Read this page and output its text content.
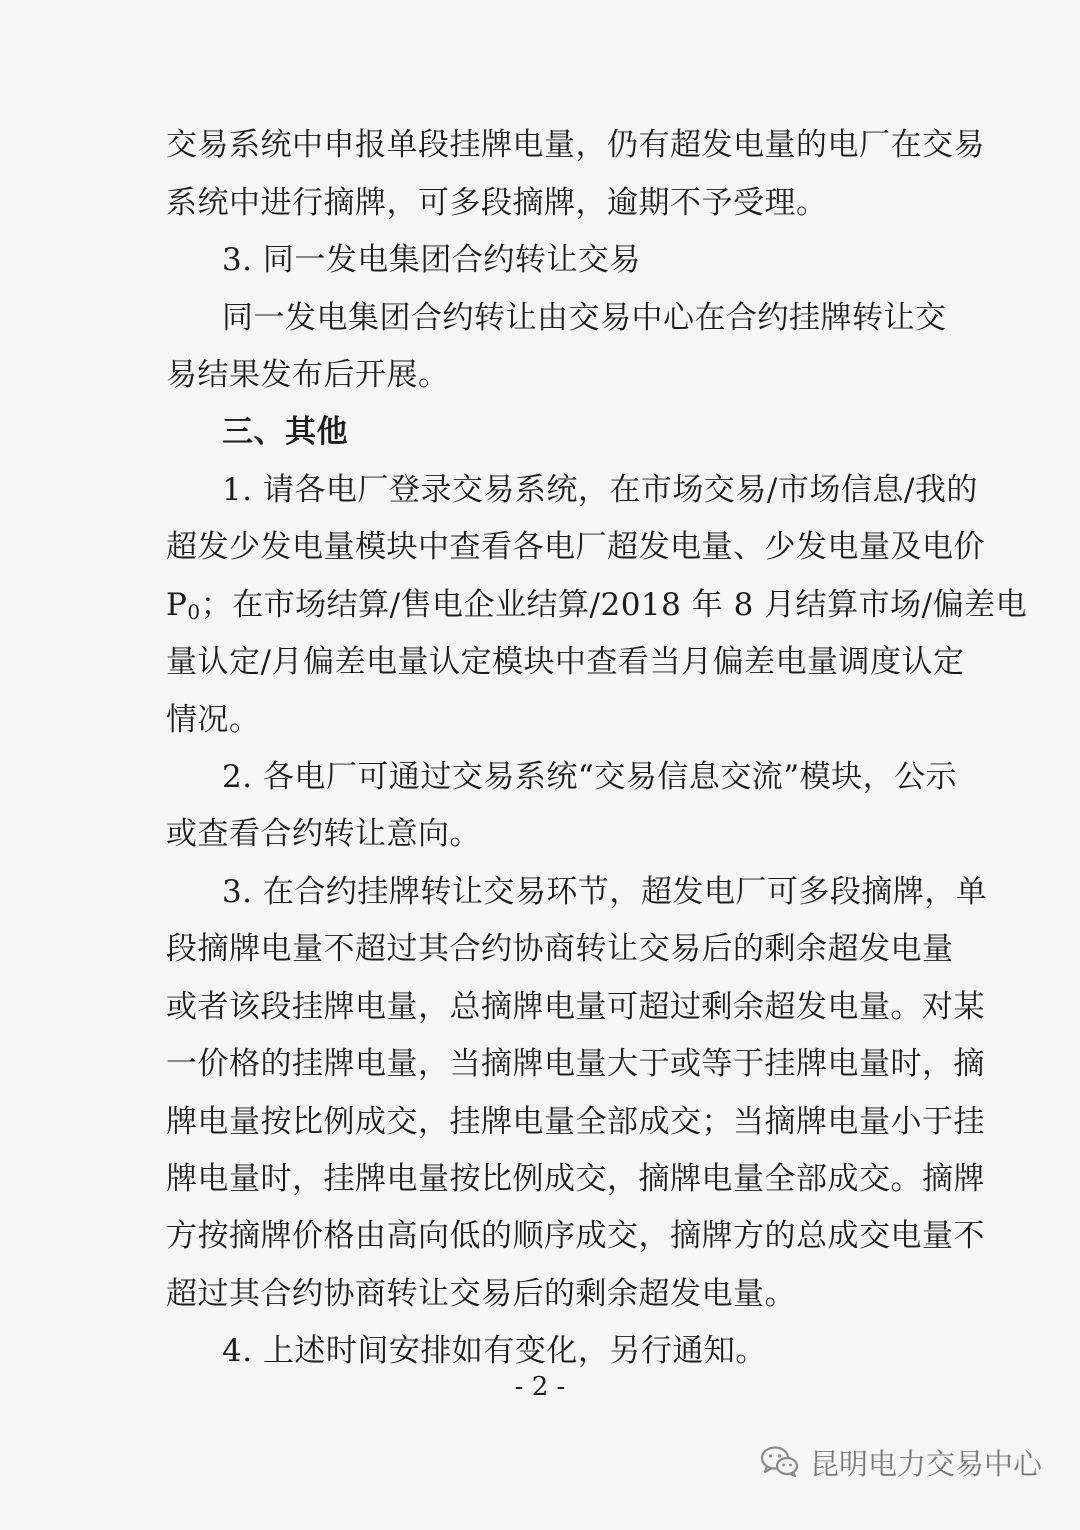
交易系统中申报单段挂牌电量，仍有超发电量的电厂在交易
系统中进行摘牌，可多段摘牌，逾期不予受理。
3. 同一发电集团合约转让交易
同一发电集团合约转让由交易中心在合约挂牌转让交
易结果发布后开展。
三、其他
1. 请各电厂登录交易系统，在市场交易/市场信息/我的
超发少发电量模块中查看各电厂超发电量、少发电量及电价
$P_0$；在市场结算/售电企业结算/2018 年 8 月结算市场/偏差电
量认定/月偏差电量认定模块中查看当月偏差电量调度认定
情况。
2. 各电厂可通过交易系统“交易信息交流”模块，公示
或查看合约转让意向。
3. 在合约挂牌转让交易环节，超发电厂可多段摘牌，单
段摘牌电量不超过其合约协商转让交易后的剩余超发电量
或者该段挂牌电量，总摘牌电量可超过剩余超发电量。对某
一价格的挂牌电量，当摘牌电量大于或等于挂牌电量时，摘
牌电量按比例成交，挂牌电量全部成交；当摘牌电量小于挂
牌电量时，挂牌电量按比例成交，摘牌电量全部成交。摘牌
方按摘牌价格由高向低的顺序成交，摘牌方的总成交电量不
超过其合约协商转让交易后的剩余超发电量。
4. 上述时间安排如有变化，另行通知。
- 2 -
昆明电力交易中心
